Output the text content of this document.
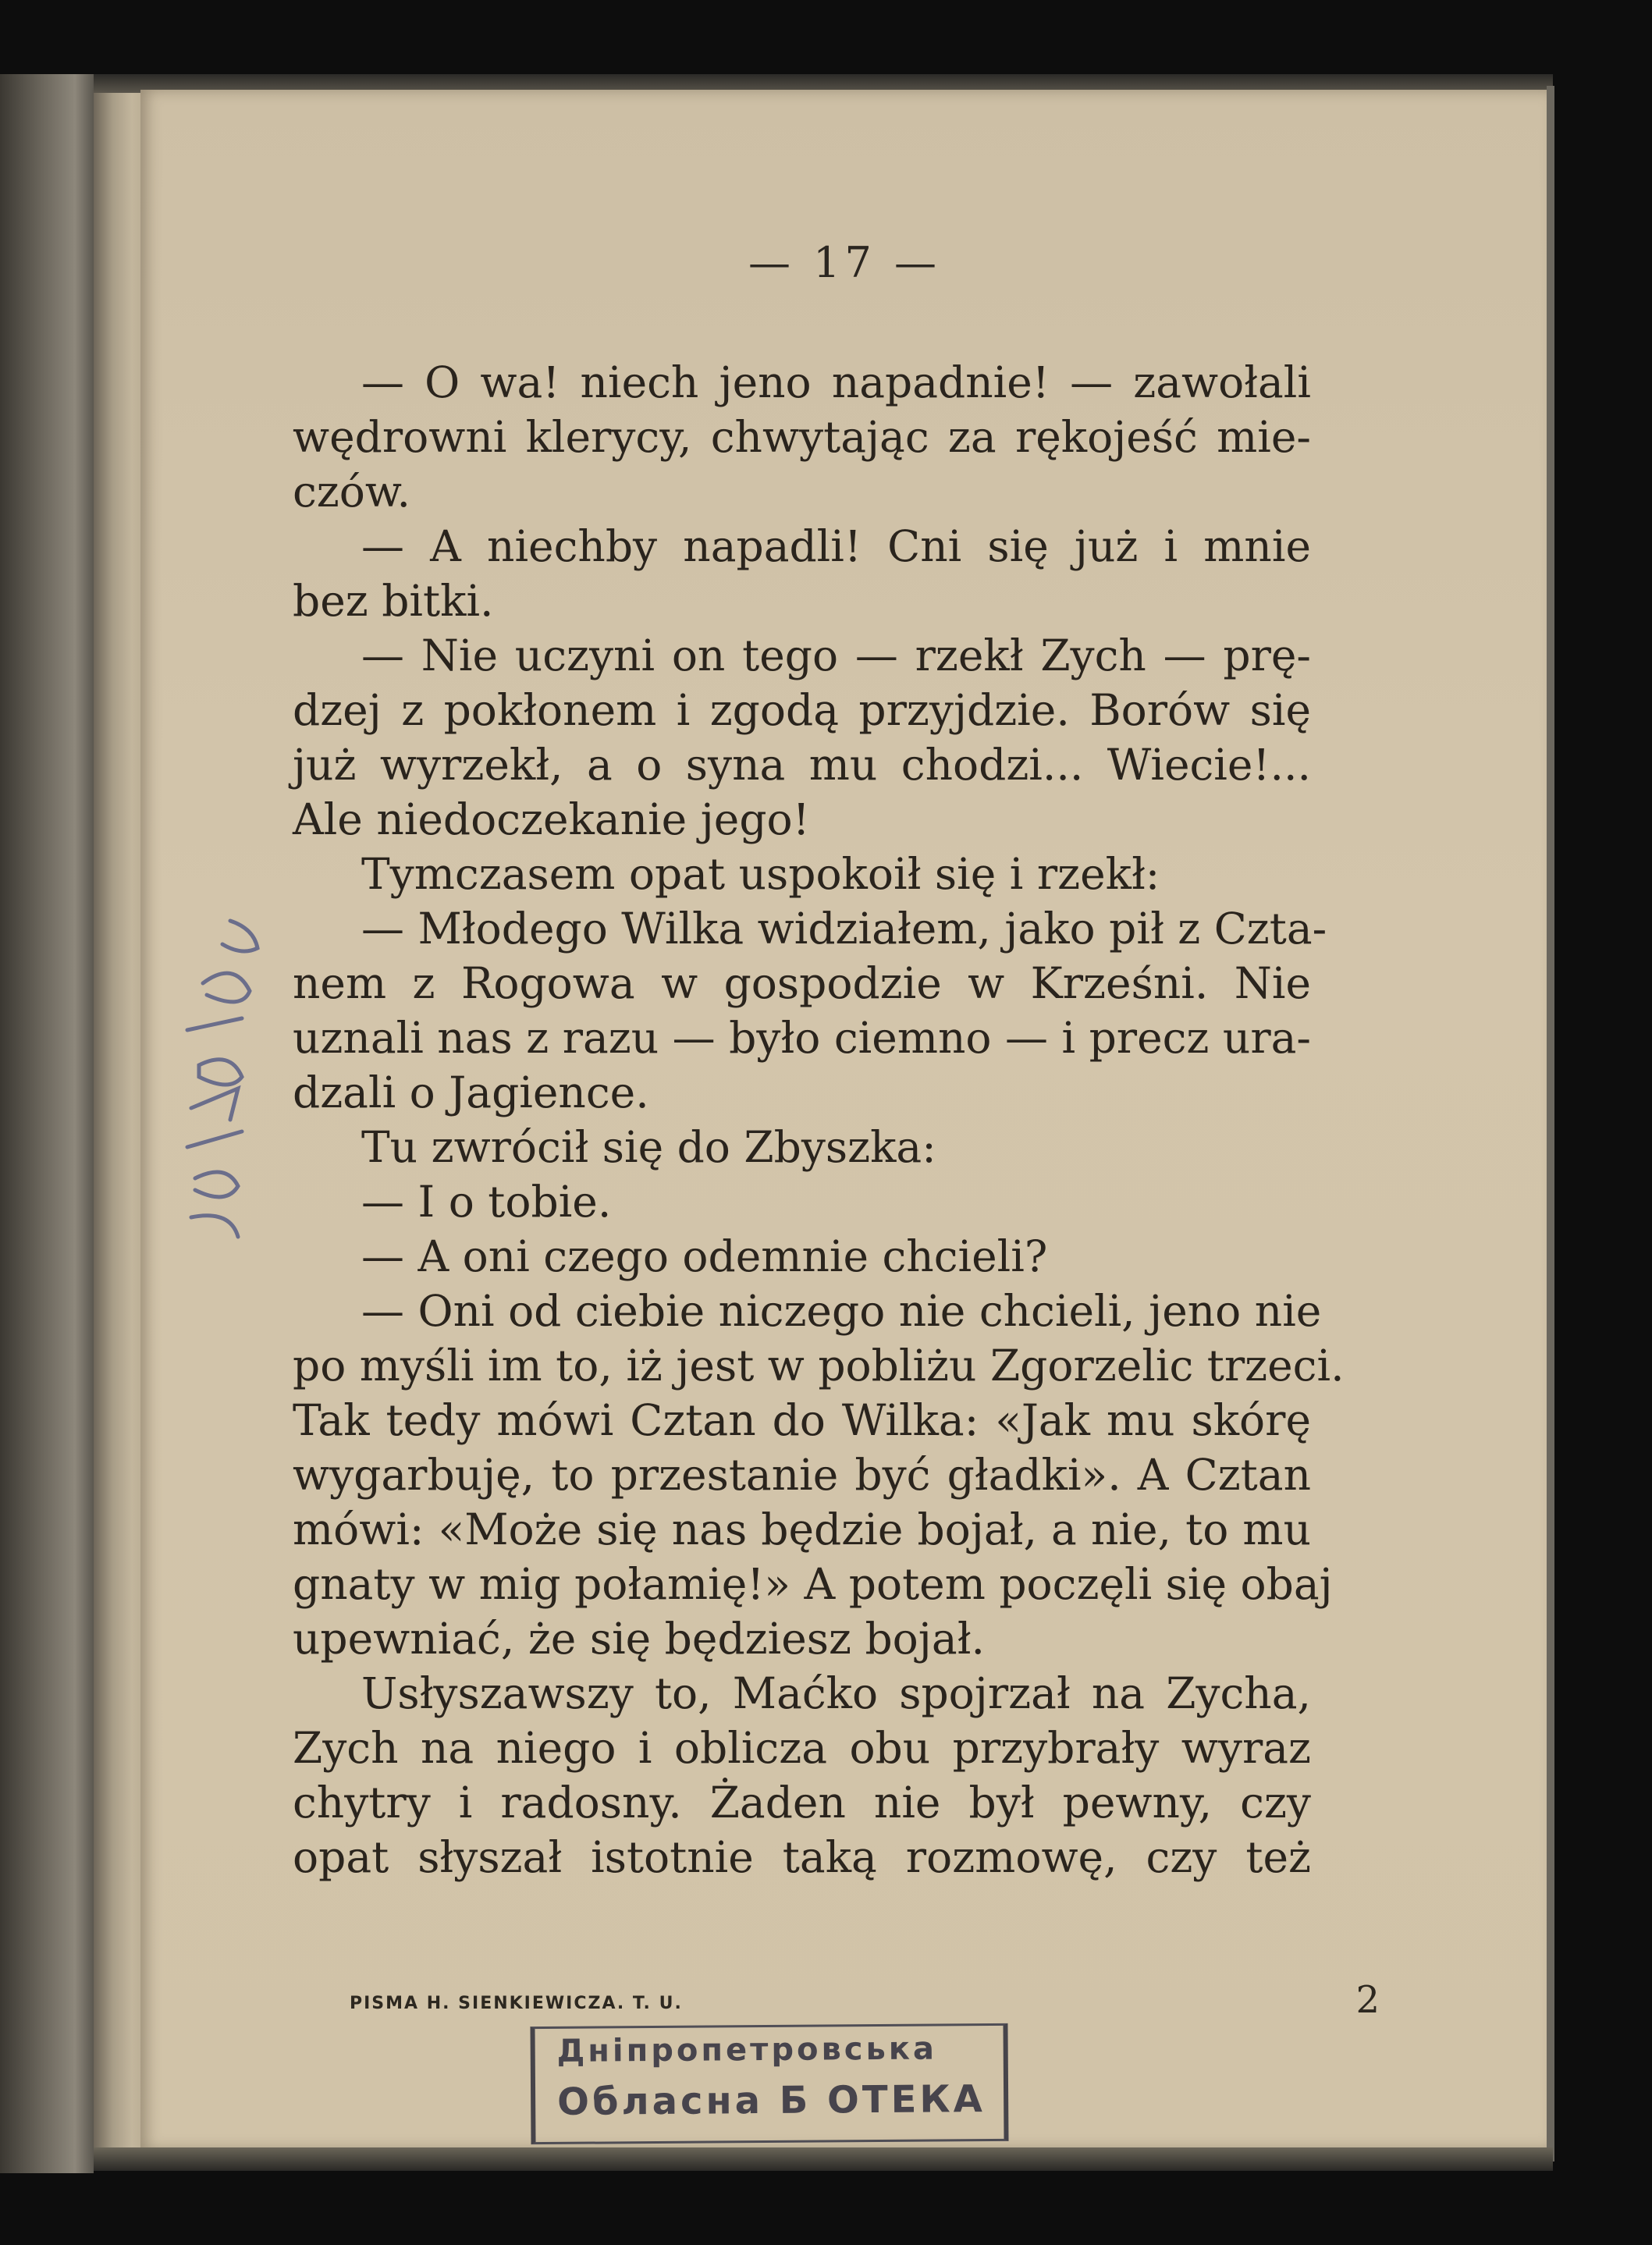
— 17 —
— O wa! niech jeno napadnie! — zawołali
wędrowni klerycy, chwytając za rękojeść mie-
czów.
— A niechby napadli! Cni się już i mnie
bez bitki.
— Nie uczyni on tego — rzekł Zych — prę-
dzej z pokłonem i zgodą przyjdzie. Borów się
już wyrzekł, a o syna mu chodzi... Wiecie!...
Ale niedoczekanie jego!
Tymczasem opat uspokoił się i rzekł:
— Młodego Wilka widziałem, jako pił z Czta-
nem z Rogowa w gospodzie w Krześni. Nie
uznali nas z razu — było ciemno — i precz ura-
dzali o Jagience.
Tu zwrócił się do Zbyszka:
— I o tobie.
— A oni czego odemnie chcieli?
— Oni od ciebie niczego nie chcieli, jeno nie
po myśli im to, iż jest w pobliżu Zgorzelic trzeci.
Tak tedy mówi Cztan do Wilka: «Jak mu skórę
wygarbuję, to przestanie być gładki». A Cztan
mówi: «Może się nas będzie bojał, a nie, to mu
gnaty w mig połamię!» A potem poczęli się obaj
upewniać, że się będziesz bojał.
Usłyszawszy to, Maćko spojrzał na Zycha,
Zych na niego i oblicza obu przybrały wyraz
chytry i radosny. Żaden nie był pewny, czy
opat słyszał istotnie taką rozmowę, czy też
PISMA H. SIENKIEWICZA. T. U.	2
Дніпропетровська
Обласна Б ОТЕКА
